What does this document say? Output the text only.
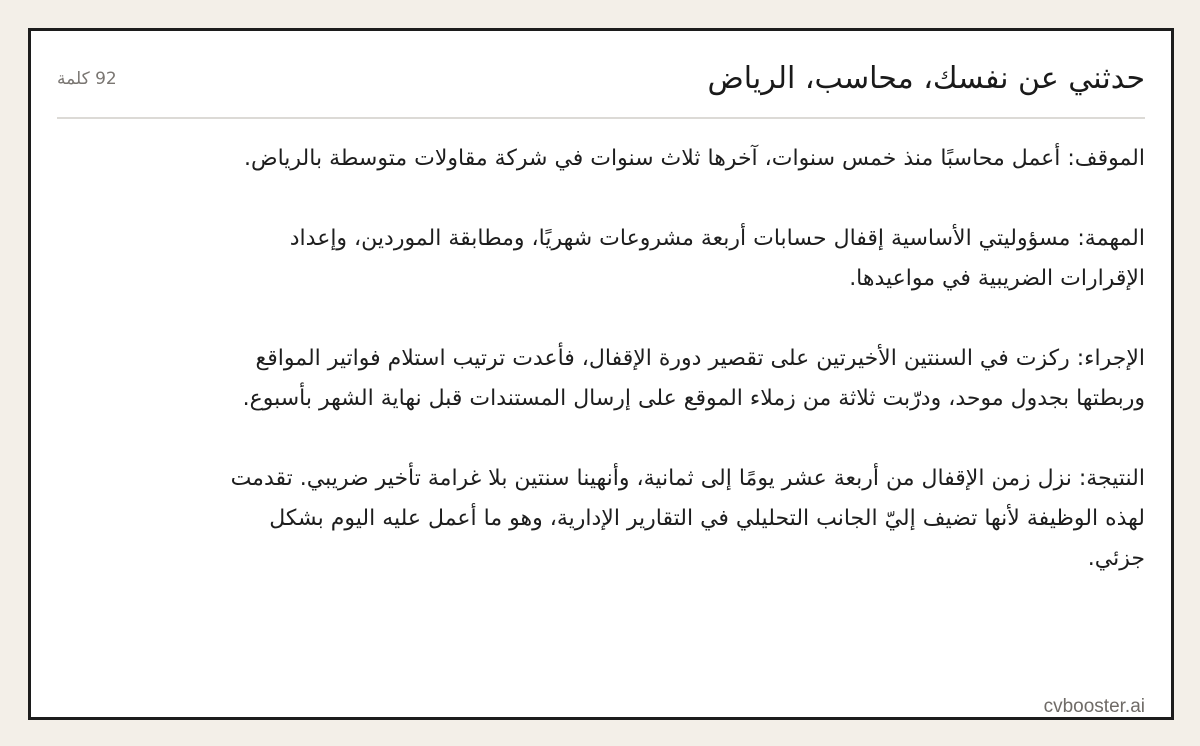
حدثني عن نفسك، محاسب، الرياض
92 كلمة

الموقف: أعمل محاسبًا منذ خمس سنوات، آخرها ثلاث سنوات في شركة مقاولات متوسطة بالرياض.

المهمة: مسؤوليتي الأساسية إقفال حسابات أربعة مشروعات شهريًا، ومطابقة الموردين، وإعداد الإقرارات الضريبية في مواعيدها.

الإجراء: ركزت في السنتين الأخيرتين على تقصير دورة الإقفال، فأعدت ترتيب استلام فواتير المواقع وربطتها بجدول موحد، ودرّبت ثلاثة من زملاء الموقع على إرسال المستندات قبل نهاية الشهر بأسبوع.

النتيجة: نزل زمن الإقفال من أربعة عشر يومًا إلى ثمانية، وأنهينا سنتين بلا غرامة تأخير ضريبي. تقدمت لهذه الوظيفة لأنها تضيف إليّ الجانب التحليلي في التقارير الإدارية، وهو ما أعمل عليه اليوم بشكل جزئي.

cvbooster.ai
